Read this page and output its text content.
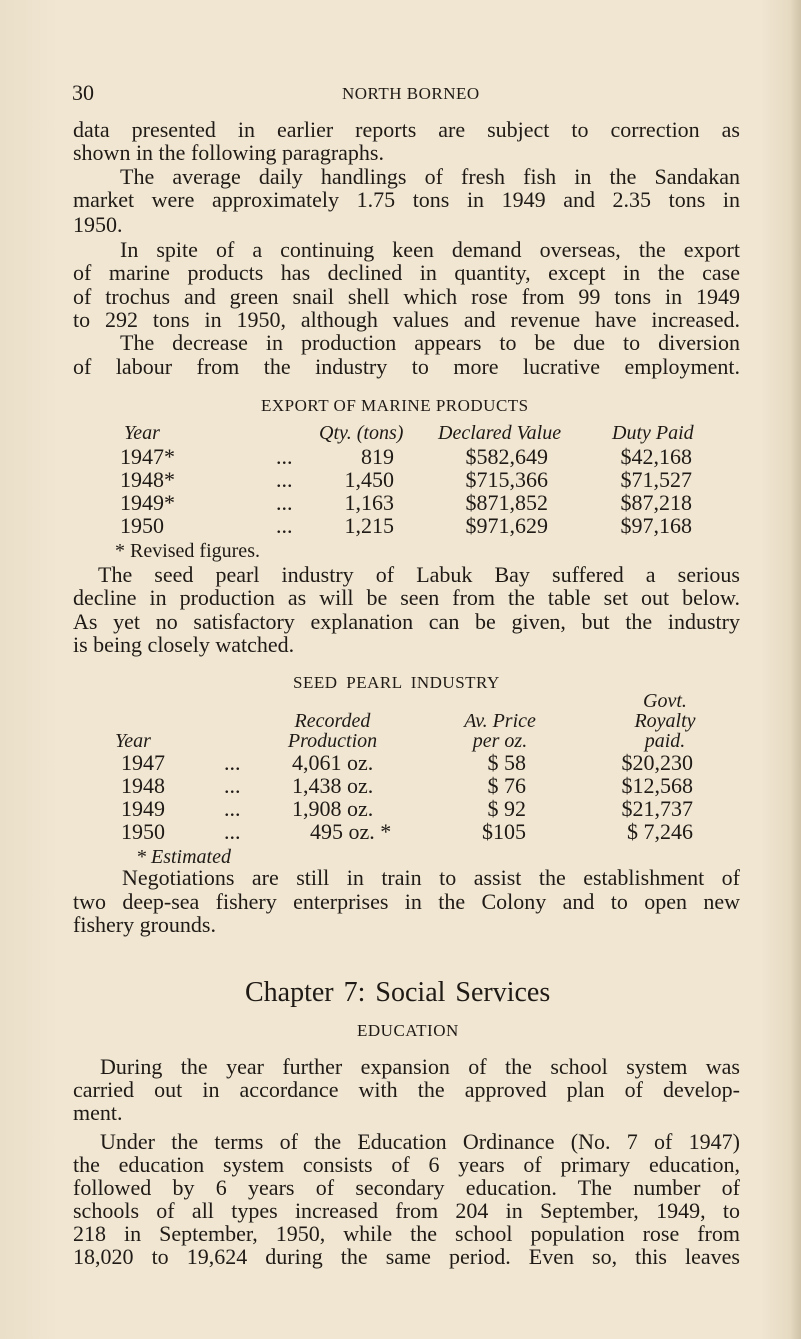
30	NORTH BORNEO
data presented in earlier reports are subject to correction as
shown in the following paragraphs.
The average daily handlings of fresh fish in the Sandakan
market were approximately 1.75 tons in 1949 and 2.35 tons in
1950.
In spite of a continuing keen demand overseas, the export
of marine products has declined in quantity, except in the case
of trochus and green snail shell which rose from 99 tons in 1949
to 292 tons in 1950, although values and revenue have increased.
The decrease in production appears to be due to diversion
of labour from the industry to more lucrative employment.
EXPORT OF MARINE PRODUCTS
Year	Qty. (tons) Declared Value	Duty Paid
1947*	...	819	$582,649	$42,168
1948*	...	1,450	$715,366	$71,527
1949*	...	1,163	$871,852	$87,218
1950	...	1,215	$971,629	$97,168
* Revised figures.
The seed pearl industry of Labuk Bay suffered a serious
decline in production as will be seen from the table set out below.
As yet no satisfactory explanation can be given, but the industry
is being closely watched.
SEED PEARL INDUSTRY
Govt.
Recorded	Av. Price	Royalty
Year	Production	per oz.	paid.
1947	... 4,061 oz.	$ 58	$20,230
1948	... 1,438 oz.	$ 76	$12,568
1949	... 1,908 oz.	$ 92	$21,737
1950	...	495 oz. *	$105	$ 7,246
* Estimated
Negotiations are still in train to assist the establishment of
two deep-sea fishery enterprises in the Colony and to open new
fishery grounds.
Chapter 7: Social Services
EDUCATION
During the year further expansion of the school system was
carried out in accordance with the approved plan of develop-
ment.
Under the terms of the Education Ordinance (No. 7 of 1947)
the education system consists of 6 years of primary education,
followed by 6 years of secondary education. The number of
schools of all types increased from 204 in September, 1949, to
218 in September, 1950, while the school population rose from
18,020 to 19,624 during the same period. Even so, this leaves
